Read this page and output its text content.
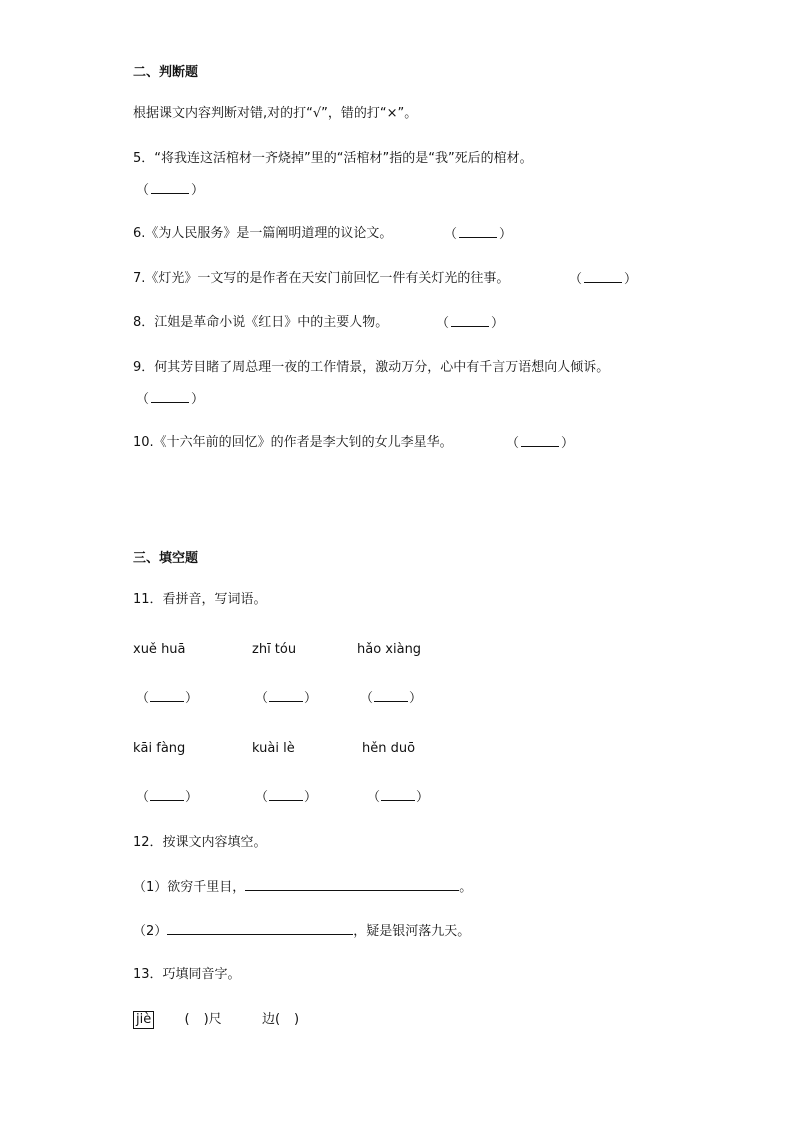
二、判断题
根据课文内容判断对错,对的打“√”，错的打“×”。
5．“将我连这活棺材一齐烧掉”里的“活棺材”指的是“我”死后的棺材。
（	）
6.《为人民服务》是一篇阐明道理的议论文。	（	）
7.《灯光》一文写的是作者在天安门前回忆一件有关灯光的往事。	（	）
8．江姐是革命小说《红日》中的主要人物。	（	）
9．何其芳目睹了周总理一夜的工作情景，激动万分，心中有千言万语想向人倾诉。
（	）
10.《十六年前的回忆》的作者是李大钊的女儿李星华。	（	）
三、填空题
11．看拼音，写词语。
xuě huā	zhī tóu	hǎo xiàng
（	）	（	）	（	）
kāi fàng	kuài lè	hěn duō
（	）	（	）	（	）
12．按课文内容填空。
（1）欲穷千里目，	。
（2）	，疑是银河落九天。
13．巧填同音字。
jiè	( )尺	边( )
